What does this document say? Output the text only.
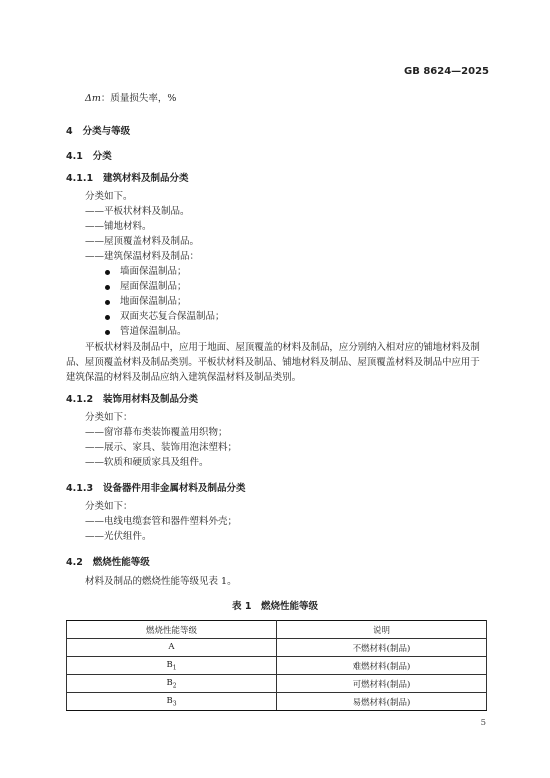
GB 8624—2025
Δm：质量损失率，%
4 分类与等级
4.1 分类
4.1.1 建筑材料及制品分类
分类如下。
——平板状材料及制品。
——铺地材料。
——屋顶覆盖材料及制品。
——建筑保温材料及制品：
墙面保温制品；
屋面保温制品；
地面保温制品；
双面夹芯复合保温制品；
管道保温制品。
平板状材料及制品中，应用于地面、屋顶覆盖的材料及制品，应分别纳入相对应的铺地材料及制品、屋顶覆盖材料及制品类别。平板状材料及制品、铺地材料及制品、屋顶覆盖材料及制品中应用于建筑保温的材料及制品应纳入建筑保温材料及制品类别。
4.1.2 装饰用材料及制品分类
分类如下：
——窗帘幕布类装饰覆盖用织物；
——展示、家具、装饰用泡沫塑料；
——软质和硬质家具及组件。
4.1.3 设备器件用非金属材料及制品分类
分类如下：
——电线电缆套管和器件塑料外壳；
——光伏组件。
4.2 燃烧性能等级
材料及制品的燃烧性能等级见表 1。
表 1　燃烧性能等级
燃烧性能等级	说明
A	不燃材料(制品)
$B_1$	难燃材料(制品)
$B_2$	可燃材料(制品)
$B_3$	易燃材料(制品)
5
